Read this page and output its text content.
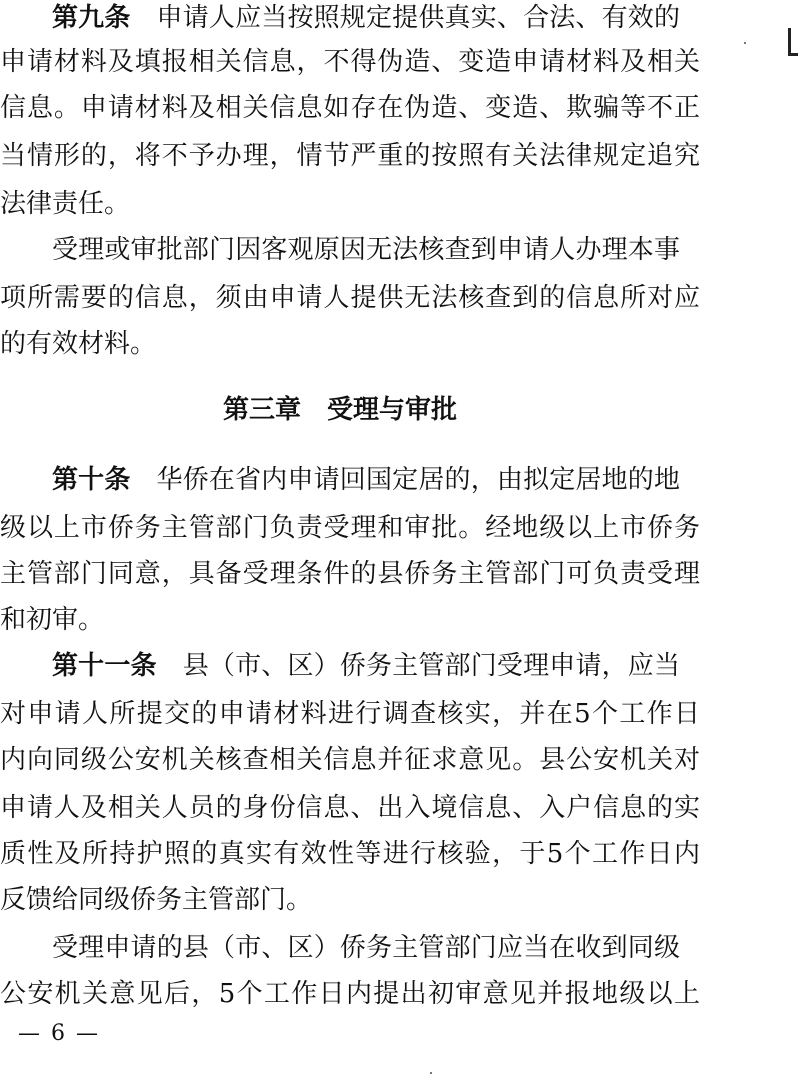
第九条 申请人应当按照规定提供真实、合法、有效的
申请材料及填报相关信息，不得伪造、变造申请材料及相关
信息。申请材料及相关信息如存在伪造、变造、欺骗等不正
当情形的，将不予办理，情节严重的按照有关法律规定追究
法律责任。
受理或审批部门因客观原因无法核查到申请人办理本事
项所需要的信息，须由申请人提供无法核查到的信息所对应
的有效材料。
第三章　受理与审批
第十条 华侨在省内申请回国定居的，由拟定居地的地
级以上市侨务主管部门负责受理和审批。经地级以上市侨务
主管部门同意，具备受理条件的县侨务主管部门可负责受理
和初审。
第十一条 县（市、区）侨务主管部门受理申请，应当
对申请人所提交的申请材料进行调查核实，并在5个工作日
内向同级公安机关核查相关信息并征求意见。县公安机关对
申请人及相关人员的身份信息、出入境信息、入户信息的实
质性及所持护照的真实有效性等进行核验，于5个工作日内
反馈给同级侨务主管部门。
受理申请的县（市、区）侨务主管部门应当在收到同级
公安机关意见后，5个工作日内提出初审意见并报地级以上
— 6 —
